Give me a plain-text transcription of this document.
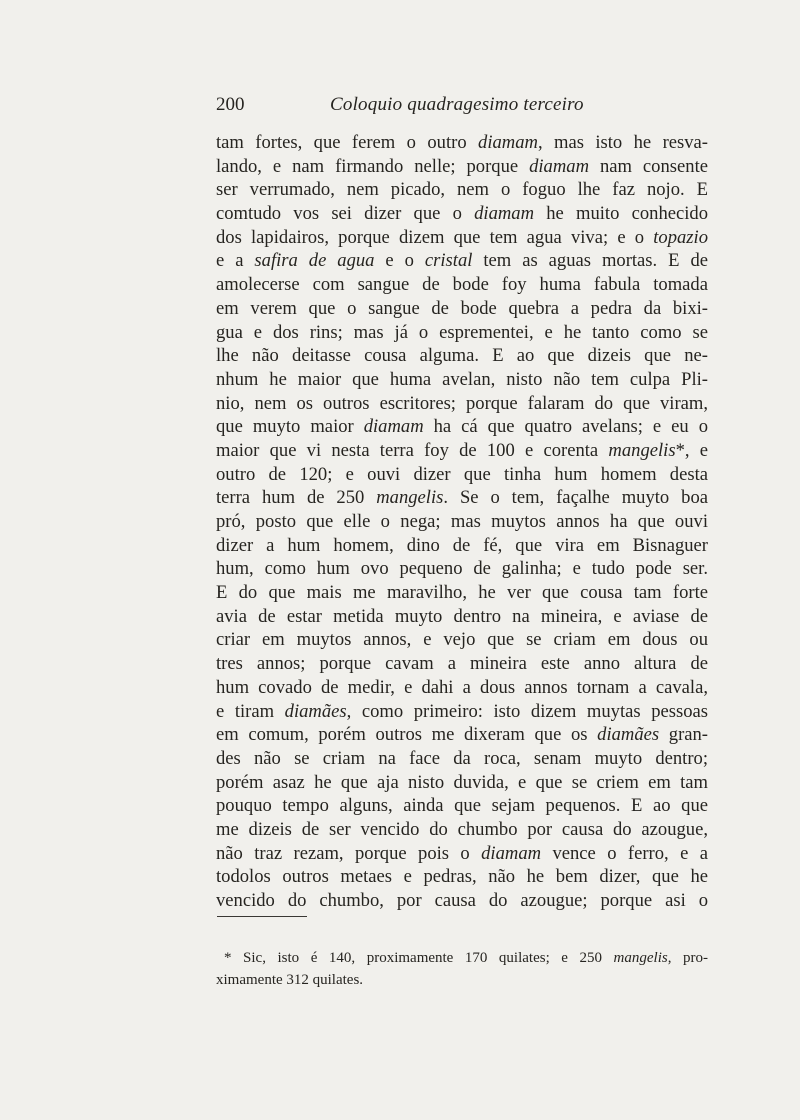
200	Coloquio quadragesimo terceiro
tam fortes, que ferem o outro diamam, mas isto he resva-
lando, e nam firmando nelle; porque diamam nam consente
ser verrumado, nem picado, nem o foguo lhe faz nojo. E
comtudo vos sei dizer que o diamam he muito conhecido
dos lapidairos, porque dizem que tem agua viva; e o topazio
e a safira de agua e o cristal tem as aguas mortas. E de
amolecerse com sangue de bode foy huma fabula tomada
em verem que o sangue de bode quebra a pedra da bixi-
gua e dos rins; mas já o esprementei, e he tanto como se
lhe não deitasse cousa alguma. E ao que dizeis que ne-
nhum he maior que huma avelan, nisto não tem culpa Pli-
nio, nem os outros escritores; porque falaram do que viram,
que muyto maior diamam ha cá que quatro avelans; e eu o
maior que vi nesta terra foy de 100 e corenta mangelis*, e
outro de 120; e ouvi dizer que tinha hum homem desta
terra hum de 250 mangelis. Se o tem, façalhe muyto boa
pró, posto que elle o nega; mas muytos annos ha que ouvi
dizer a hum homem, dino de fé, que vira em Bisnaguer
hum, como hum ovo pequeno de galinha; e tudo pode ser.
E do que mais me maravilho, he ver que cousa tam forte
avia de estar metida muyto dentro na mineira, e aviase de
criar em muytos annos, e vejo que se criam em dous ou
tres annos; porque cavam a mineira este anno altura de
hum covado de medir, e dahi a dous annos tornam a cavala,
e tiram diamães, como primeiro: isto dizem muytas pessoas
em comum, porém outros me dixeram que os diamães gran-
des não se criam na face da roca, senam muyto dentro;
porém asaz he que aja nisto duvida, e que se criem em tam
pouquo tempo alguns, ainda que sejam pequenos. E ao que
me dizeis de ser vencido do chumbo por causa do azougue,
não traz rezam, porque pois o diamam vence o ferro, e a
todolos outros metaes e pedras, não he bem dizer, que he
vencido do chumbo, por causa do azougue; porque asi o
* Sic, isto é 140, proximamente 170 quilates; e 250 mangelis, pro-
ximamente 312 quilates.
